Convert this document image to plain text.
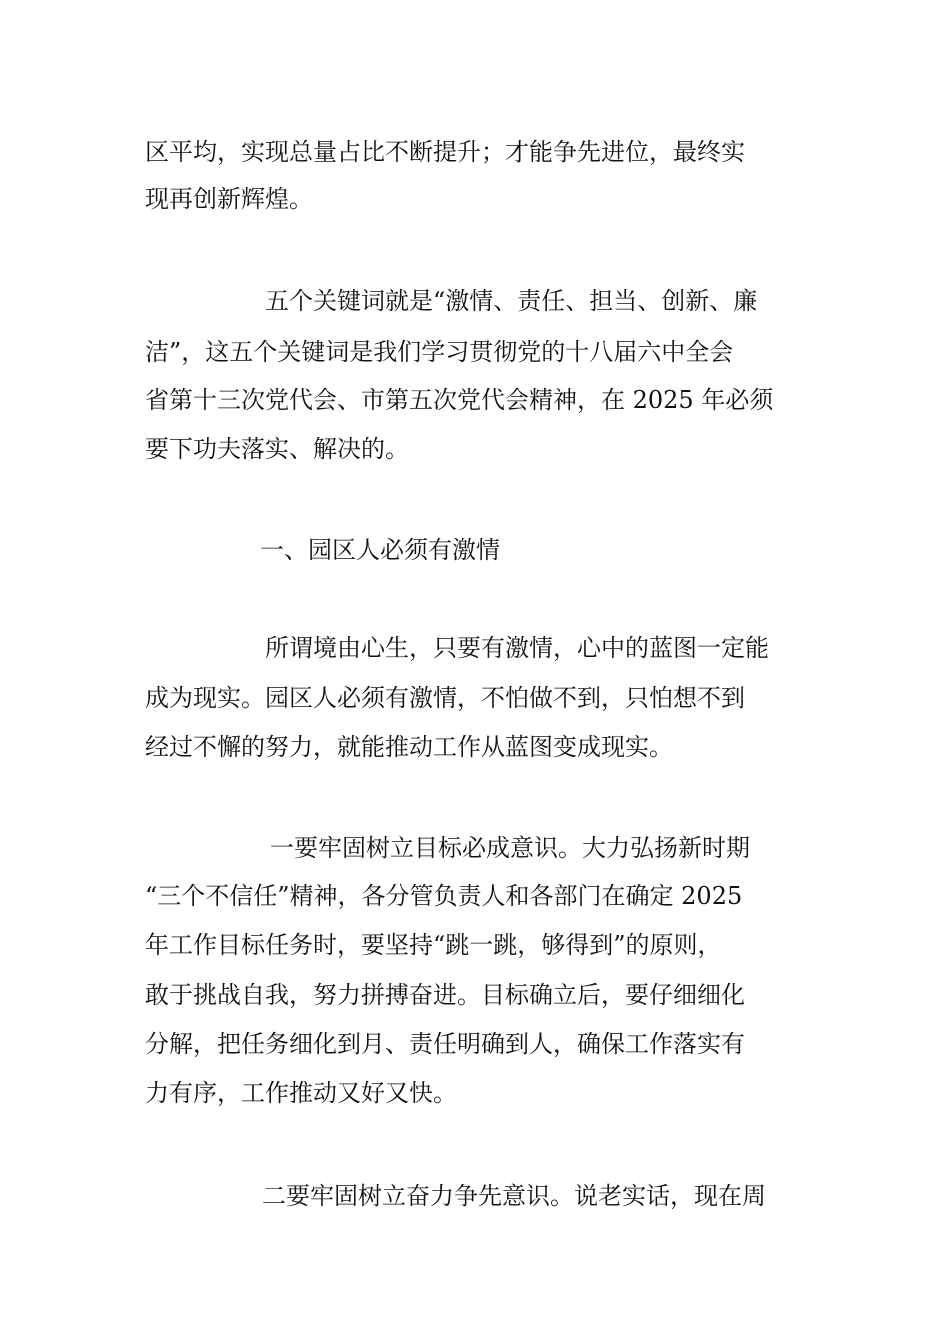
区平均，实现总量占比不断提升；才能争先进位，最终实
现再创新辉煌。
五个关键词就是“激情、责任、担当、创新、廉
洁”，这五个关键词是我们学习贯彻党的十八届六中全会
省第十三次党代会、市第五次党代会精神，在 2025 年必须
要下功夫落实、解决的。
一、园区人必须有激情
所谓境由心生，只要有激情，心中的蓝图一定能
成为现实。园区人必须有激情，不怕做不到，只怕想不到
经过不懈的努力，就能推动工作从蓝图变成现实。
一要牢固树立目标必成意识。大力弘扬新时期
“三个不信任”精神，各分管负责人和各部门在确定 2025
年工作目标任务时，要坚持“跳一跳，够得到”的原则，
敢于挑战自我，努力拼搏奋进。目标确立后，要仔细细化
分解，把任务细化到月、责任明确到人，确保工作落实有
力有序，工作推动又好又快。
二要牢固树立奋力争先意识。说老实话，现在周
